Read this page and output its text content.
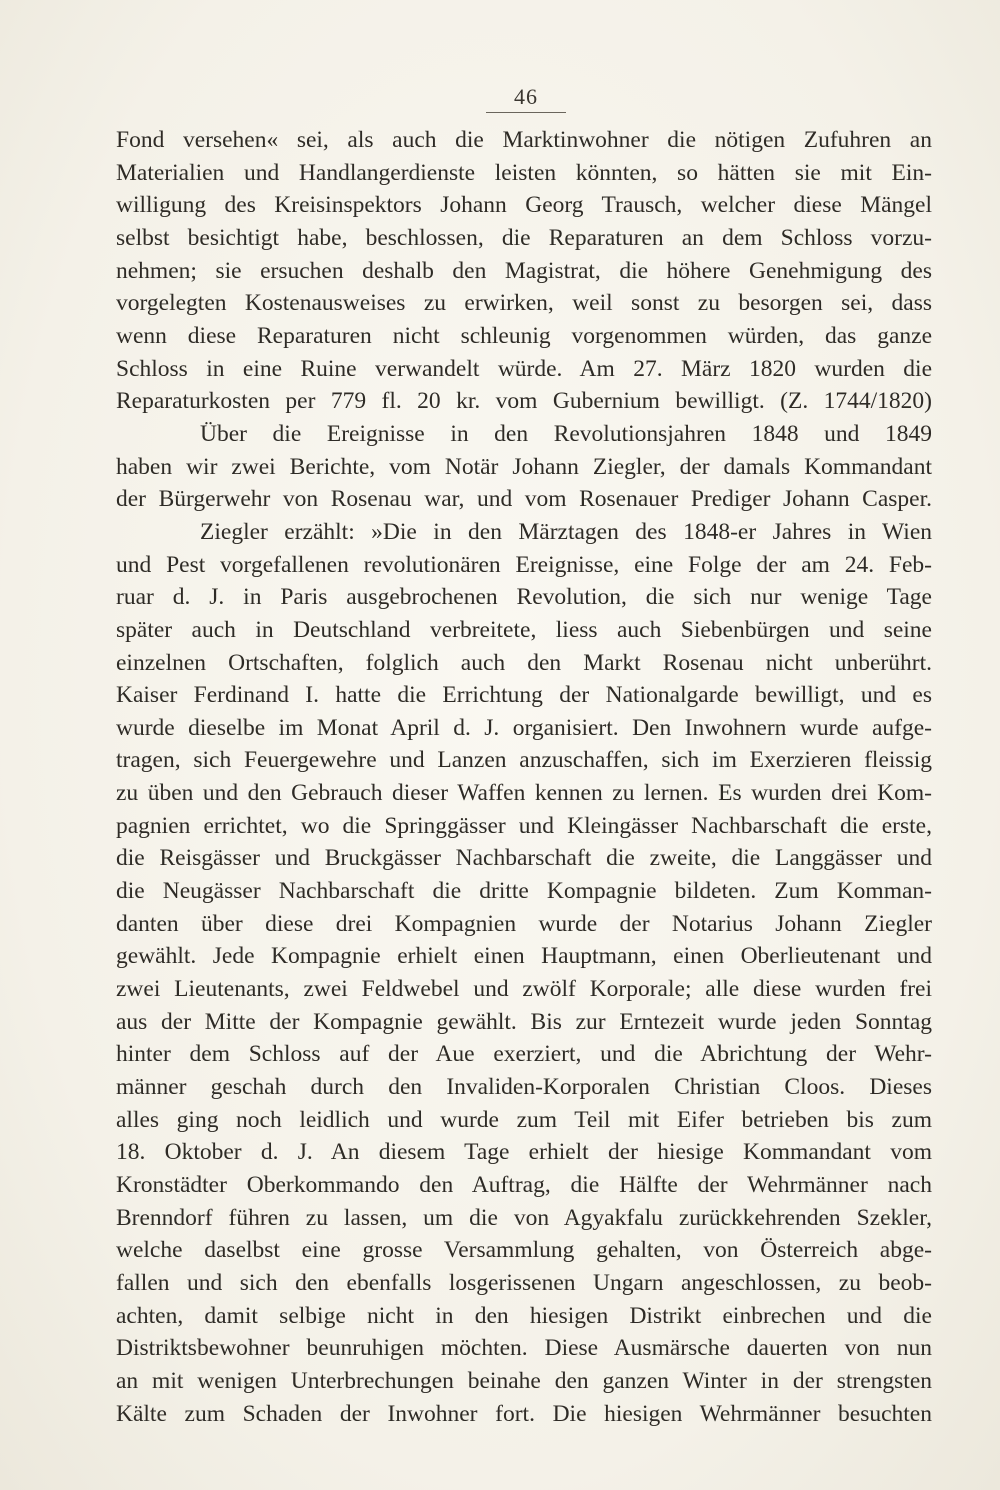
46

Fond versehen« sei, als auch die Marktinwohner die nötigen Zufuhren an
Materialien und Handlangerdienste leisten könnten, so hätten sie mit Ein-
willigung des Kreisinspektors Johann Georg Trausch, welcher diese Mängel
selbst besichtigt habe, beschlossen, die Reparaturen an dem Schloss vorzu-
nehmen; sie ersuchen deshalb den Magistrat, die höhere Genehmigung des
vorgelegten Kostenausweises zu erwirken, weil sonst zu besorgen sei, dass
wenn diese Reparaturen nicht schleunig vorgenommen würden, das ganze
Schloss in eine Ruine verwandelt würde. Am 27. März 1820 wurden die
Reparaturkosten per 779 fl. 20 kr. vom Gubernium bewilligt. (Z. 1744/1820)
Über die Ereignisse in den Revolutionsjahren 1848 und 1849
haben wir zwei Berichte, vom Notär Johann Ziegler, der damals Kommandant
der Bürgerwehr von Rosenau war, und vom Rosenauer Prediger Johann Casper.
Ziegler erzählt: »Die in den Märztagen des 1848-er Jahres in Wien
und Pest vorgefallenen revolutionären Ereignisse, eine Folge der am 24. Feb-
ruar d. J. in Paris ausgebrochenen Revolution, die sich nur wenige Tage
später auch in Deutschland verbreitete, liess auch Siebenbürgen und seine
einzelnen Ortschaften, folglich auch den Markt Rosenau nicht unberührt.
Kaiser Ferdinand I. hatte die Errichtung der Nationalgarde bewilligt, und es
wurde dieselbe im Monat April d. J. organisiert. Den Inwohnern wurde aufge-
tragen, sich Feuergewehre und Lanzen anzuschaffen, sich im Exerzieren fleissig
zu üben und den Gebrauch dieser Waffen kennen zu lernen. Es wurden drei Kom-
pagnien errichtet, wo die Springgässer und Kleingässer Nachbarschaft die erste,
die Reisgässer und Bruckgässer Nachbarschaft die zweite, die Langgässer und
die Neugässer Nachbarschaft die dritte Kompagnie bildeten. Zum Komman-
danten über diese drei Kompagnien wurde der Notarius Johann Ziegler
gewählt. Jede Kompagnie erhielt einen Hauptmann, einen Oberlieutenant und
zwei Lieutenants, zwei Feldwebel und zwölf Korporale; alle diese wurden frei
aus der Mitte der Kompagnie gewählt. Bis zur Erntezeit wurde jeden Sonntag
hinter dem Schloss auf der Aue exerziert, und die Abrichtung der Wehr-
männer geschah durch den Invaliden-Korporalen Christian Cloos. Dieses
alles ging noch leidlich und wurde zum Teil mit Eifer betrieben bis zum
18. Oktober d. J. An diesem Tage erhielt der hiesige Kommandant vom
Kronstädter Oberkommando den Auftrag, die Hälfte der Wehrmänner nach
Brenndorf führen zu lassen, um die von Agyakfalu zurückkehrenden Szekler,
welche daselbst eine grosse Versammlung gehalten, von Österreich abge-
fallen und sich den ebenfalls losgerissenen Ungarn angeschlossen, zu beob-
achten, damit selbige nicht in den hiesigen Distrikt einbrechen und die
Distriktsbewohner beunruhigen möchten. Diese Ausmärsche dauerten von nun
an mit wenigen Unterbrechungen beinahe den ganzen Winter in der strengsten
Kälte zum Schaden der Inwohner fort. Die hiesigen Wehrmänner besuchten
